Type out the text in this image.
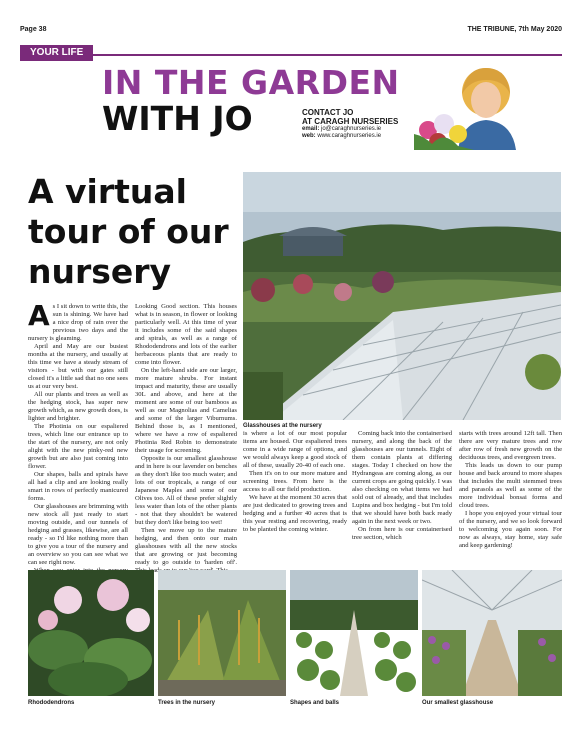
Page 38	THE TRIBUNE, 7th May 2020
YOUR LIFE
IN THE GARDEN
WITH JO	CONTACT JO
AT CARAGH NURSERIES
email: jo@caraghnurseries.ie
web: www.caraghnurseries.ie
A virtual tour of our nursery
Glasshouses at the nursery

As I sit down to write this, the sun is shining. We have had a nice drop of rain over the previous two days and the nursery is gleaming.

April and May are our busiest months at the nursery, and usually at this time we have a steady stream of visitors - but with our gates still closed it's a little sad that no one sees us at our very best.

All our plants and trees as well as the hedging stock, has super new growth which, as new growth does, is lighter and brighter.

The Photinia on our espaliered trees, which line our entrance up to the start of the nursery, are not only alight with the new pinky-red new growth but are also just coming into flower.

Our shapes, balls and spirals have all had a clip and are looking really smart in rows of perfectly manicured forms.

Our glasshouses are brimming with new stock all just ready to start moving outside, and our tunnels of hedging and grasses, likewise, are all ready - so I'd like nothing more than to give you a tour of the nursery and an overview so you can see what we can see right now.

Looking Good section. This houses what is in season, in flower or looking particularly well. At this time of year it includes some of the said shapes and spirals, as well as a range of Rhododendrons and lots of the earlier herbaceous plants that are ready to come into flower.

On the left-hand side are our larger, more mature shrubs. For instant impact and maturity, these are usually 30L and above, and here at the moment are some of our bamboos as well as our Magnolias and Camelias and some of the larger Viburnums. Behind those is, as I mentioned, where we have a row of espaliered Photinia Red Robin to demonstrate their usage for screening.

Opposite is our smallest glasshouse and in here is our lavender on benches as they don't like too much water; and lots of our tropicals, a range of our Japanese Maples and some of our Olives too. All of these prefer slightly less water than lots of the other plants - not that they shouldn't be watered but they don't like being too wet!

Then we move up to the mature hedging, and then onto our main glasshouses with all the new stocks that are growing or just becoming ready to go outside to 'harden off'. leads

is where a lot of our most popular items are housed. Our espaliered trees come in a wide range of options, and we would always keep a good stock of all of these, usually 20-40 of each one.

Then it's on to our more mature and screening trees. From here is the access to all our field production.

We have at the moment 30 acres that are just dedicated to growing trees and hedging and a further 40 acres that is this year resting and recovering, ready to be planted the coming winter.

Coming back into the containerised nursery, and along the back of the glasshouses are our tunnels. Eight of them contain plants at differing stages. Today I checked on how the Hydrangeas are coming along, as our current crops are going quickly. I was also checking on what items we had sold out of already, and that includes Lupins and box hedging - but I'm told that we should have both back ready again in the next week or two.

On from here is our containerised tree section, which

starts with trees around 12ft tall. Then there are very mature trees and row after row of fresh new growth on the deciduous trees, and evergreen trees.

This leads us down to our pump house and back around to more shapes that includes the multi stemmed trees and parasols as well as some of the more individual bonsai forms and cloud trees.

I hope you enjoyed your virtual tour of the nursery, and we so look forward to welcoming you again soon. For now as always, stay home, stay safe and keep gardening!

Rhododendrons	Trees in the nursery	Shapes and balls	Our smallest glasshouse
